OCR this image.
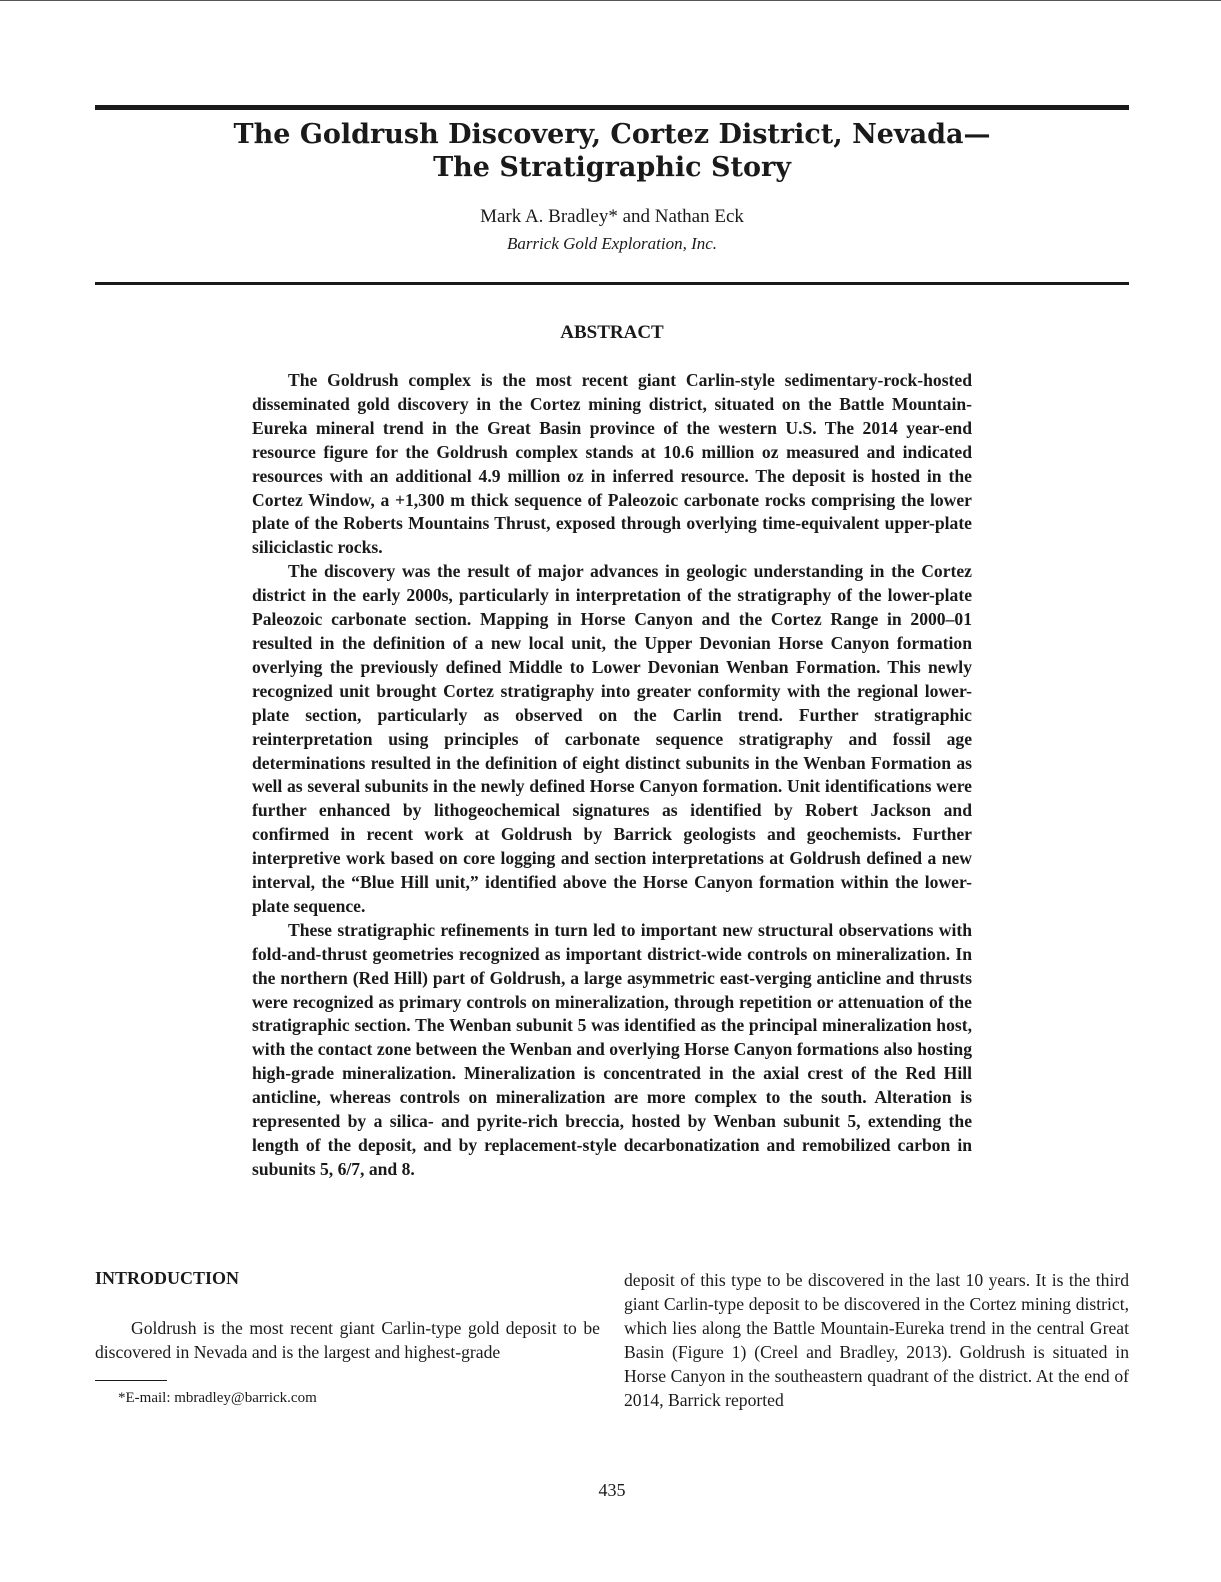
The Goldrush Discovery, Cortez District, Nevada—
The Stratigraphic Story
Mark A. Bradley* and Nathan Eck
Barrick Gold Exploration, Inc.
ABSTRACT

The Goldrush complex is the most recent giant Carlin-style sedimentary-rock-hosted disseminated gold discovery in the Cortez mining district, situated on the Battle Mountain-Eureka mineral trend in the Great Basin province of the western U.S. The 2014 year-end resource figure for the Goldrush complex stands at 10.6 million oz measured and indicated resources with an additional 4.9 million oz in inferred resource. The deposit is hosted in the Cortez Window, a +1,300 m thick sequence of Paleozoic carbonate rocks comprising the lower plate of the Roberts Mountains Thrust, exposed through overlying time-equivalent upper-plate siliciclastic rocks.

The discovery was the result of major advances in geologic understanding in the Cortez district in the early 2000s, particularly in interpretation of the stratigraphy of the lower-plate Paleozoic carbonate section. Mapping in Horse Canyon and the Cortez Range in 2000–01 resulted in the definition of a new local unit, the Upper Devonian Horse Canyon formation overlying the previously defined Middle to Lower Devonian Wenban Formation. This newly recognized unit brought Cortez stratigraphy into greater conformity with the regional lower-plate section, particularly as observed on the Carlin trend. Further stratigraphic reinterpretation using principles of carbonate sequence stratigraphy and fossil age determinations resulted in the definition of eight distinct subunits in the Wenban Formation as well as several subunits in the newly defined Horse Canyon formation. Unit identifications were further enhanced by lithogeochemical signatures as identified by Robert Jackson and confirmed in recent work at Goldrush by Barrick geologists and geochemists. Further interpretive work based on core logging and section interpretations at Goldrush defined a new interval, the “Blue Hill unit,” identified above the Horse Canyon formation within the lower-plate sequence.

These stratigraphic refinements in turn led to important new structural observations with fold-and-thrust geometries recognized as important district-wide controls on mineralization. In the northern (Red Hill) part of Goldrush, a large asymmetric east-verging anticline and thrusts were recognized as primary controls on mineralization, through repetition or attenuation of the stratigraphic section. The Wenban subunit 5 was identified as the principal mineralization host, with the contact zone between the Wenban and overlying Horse Canyon formations also hosting high-grade mineralization. Mineralization is concentrated in the axial crest of the Red Hill anticline, whereas controls on mineralization are more complex to the south. Alteration is represented by a silica- and pyrite-rich breccia, hosted by Wenban subunit 5, extending the length of the deposit, and by replacement-style decarbonatization and remobilized carbon in subunits 5, 6/7, and 8.

INTRODUCTION

Goldrush is the most recent giant Carlin-type gold deposit to be discovered in Nevada and is the largest and highest-grade

deposit of this type to be discovered in the last 10 years. It is the third giant Carlin-type deposit to be discovered in the Cortez mining district, which lies along the Battle Mountain-Eureka trend in the central Great Basin (Figure 1) (Creel and Bradley, 2013). Goldrush is situated in Horse Canyon in the southeastern quadrant of the district. At the end of 2014, Barrick reported

*E-mail: mbradley@barrick.com
435
